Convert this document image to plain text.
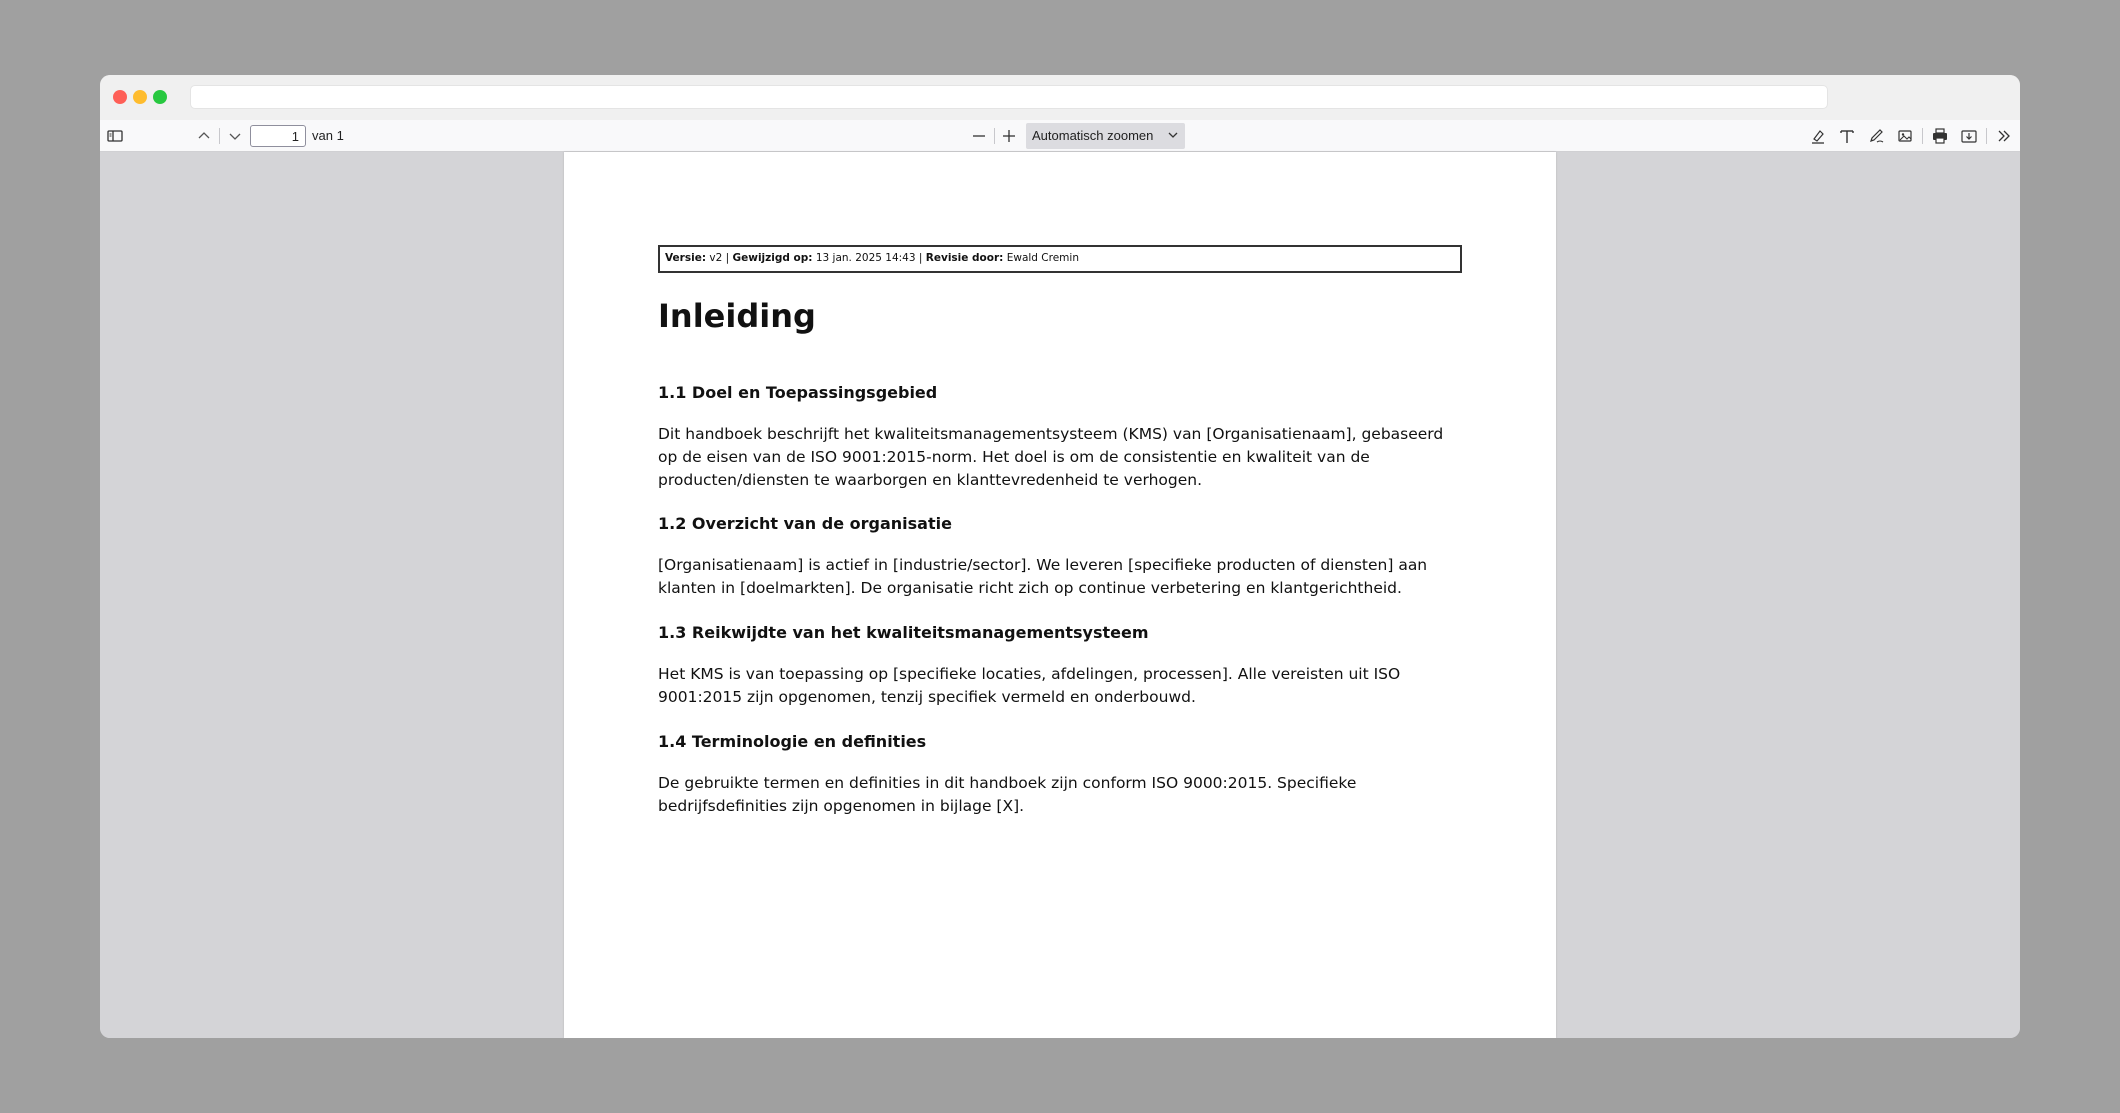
1
van 1	Automatisch zoomen
Versie: v2 | Gewijzigd op: 13 jan. 2025 14:43 | Revisie door: Ewald Cremin
Inleiding
1.1 Doel en Toepassingsgebied

Dit handboek beschrijft het kwaliteitsmanagementsysteem (KMS) van [Organisatienaam], gebaseerd op de eisen van de ISO 9001:2015-norm. Het doel is om de consistentie en kwaliteit van de producten/diensten te waarborgen en klanttevredenheid te verhogen.

1.2 Overzicht van de organisatie

[Organisatienaam] is actief in [industrie/sector]. We leveren [specifieke producten of diensten] aan klanten in [doelmarkten]. De organisatie richt zich op continue verbetering en klantgerichtheid.

1.3 Reikwijdte van het kwaliteitsmanagementsysteem

Het KMS is van toepassing op [specifieke locaties, afdelingen, processen]. Alle vereisten uit ISO 9001:2015 zijn opgenomen, tenzij specifiek vermeld en onderbouwd.

1.4 Terminologie en definities

De gebruikte termen en definities in dit handboek zijn conform ISO 9000:2015. Specifieke bedrijfsdefinities zijn opgenomen in bijlage [X].
